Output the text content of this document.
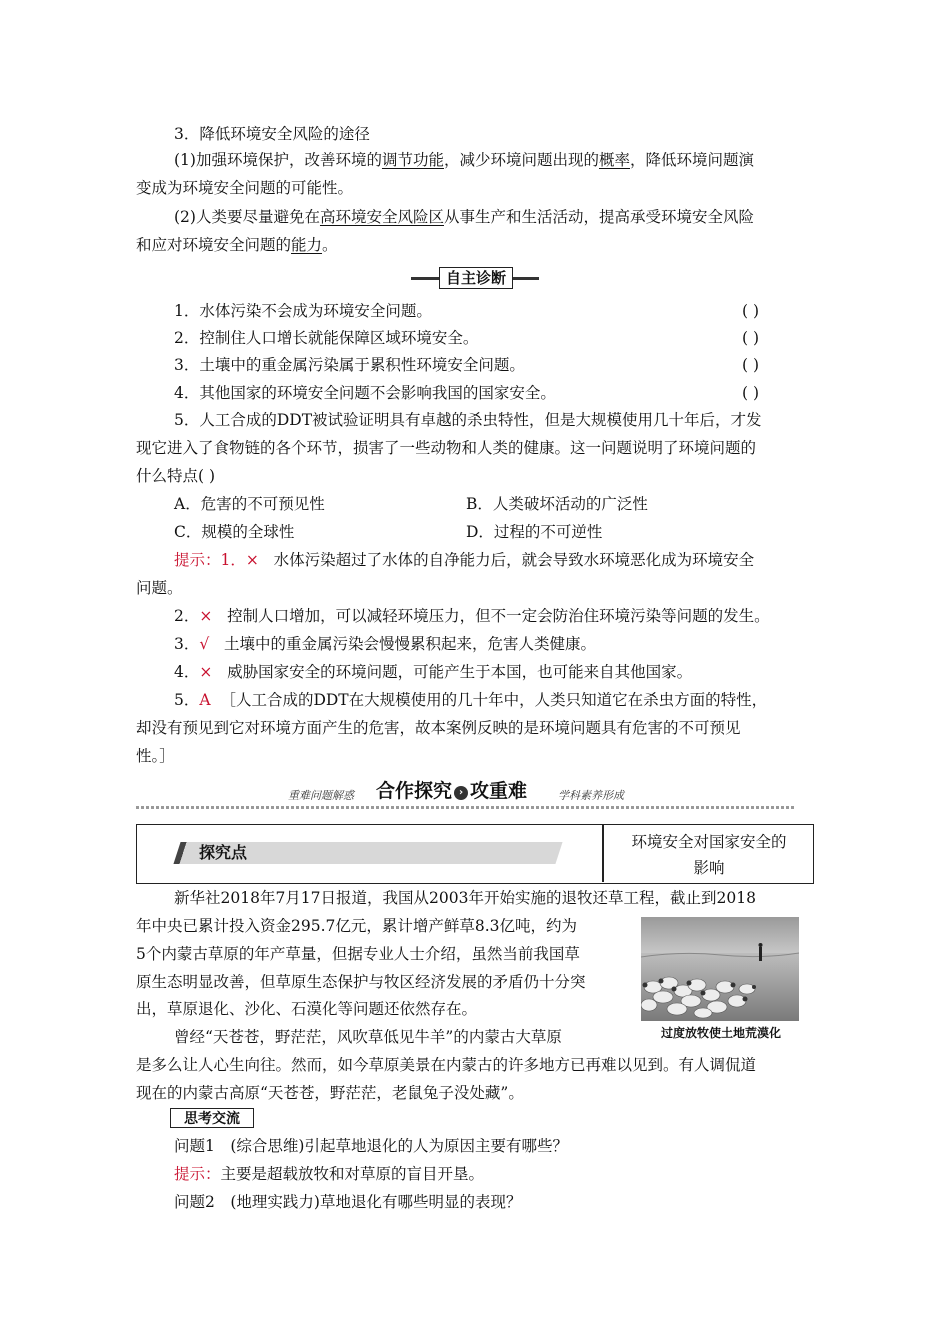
3．降低环境安全风险的途径
(1)加强环境保护，改善环境的调节功能，减少环境问题出现的概率，降低环境问题演
变成为环境安全问题的可能性。
(2)人类要尽量避免在高环境安全风险区从事生产和生活活动，提高承受环境安全风险
和应对环境安全问题的能力。
自主诊断
1．水体污染不会成为环境安全问题。	( )
2．控制住人口增长就能保障区域环境安全。	( )
3．土壤中的重金属污染属于累积性环境安全问题。	( )
4．其他国家的环境安全问题不会影响我国的国家安全。	( )
5．人工合成的DDT被试验证明具有卓越的杀虫特性，但是大规模使用几十年后，才发
现它进入了食物链的各个环节，损害了一些动物和人类的健康。这一问题说明了环境问题的
什么特点( )
A．危害的不可预见性	B．人类破坏活动的广泛性
C．规模的全球性	D．过程的不可逆性
提示：1．× 水体污染超过了水体的自净能力后，就会导致水环境恶化成为环境安全
问题。
2．× 控制人口增加，可以减轻环境压力，但不一定会防治住环境污染等问题的发生。
3．√ 土壤中的重金属污染会慢慢累积起来，危害人类健康。
4．× 威胁国家安全的环境问题，可能产生于本国，也可能来自其他国家。
5．A ［人工合成的DDT在大规模使用的几十年中，人类只知道它在杀虫方面的特性，
却没有预见到它对环境方面产生的危害，故本案例反映的是环境问题具有危害的不可预见
性。］
重难问题解惑 合作探究 › 攻重难	学科素养形成
探究点
环境安全对国家安全的
影响
新华社2018年7月17日报道，我国从2003年开始实施的退牧还草工程，截止到2018
年中央已累计投入资金295.7亿元，累计增产鲜草8.3亿吨，约为
5个内蒙古草原的年产草量，但据专业人士介绍，虽然当前我国草
原生态明显改善，但草原生态保护与牧区经济发展的矛盾仍十分突
出，草原退化、沙化、石漠化等问题还依然存在。
曾经“天苍苍，野茫茫，风吹草低见牛羊”的内蒙古大草原
是多么让人心生向往。然而，如今草原美景在内蒙古的许多地方已再难以见到。有人调侃道
现在的内蒙古高原“天苍苍，野茫茫，老鼠兔子没处藏”。
过度放牧使土地荒漠化
思考交流
问题1　(综合思维)引起草地退化的人为原因主要有哪些？
提示：主要是超载放牧和对草原的盲目开垦。
问题2　(地理实践力)草地退化有哪些明显的表现？
